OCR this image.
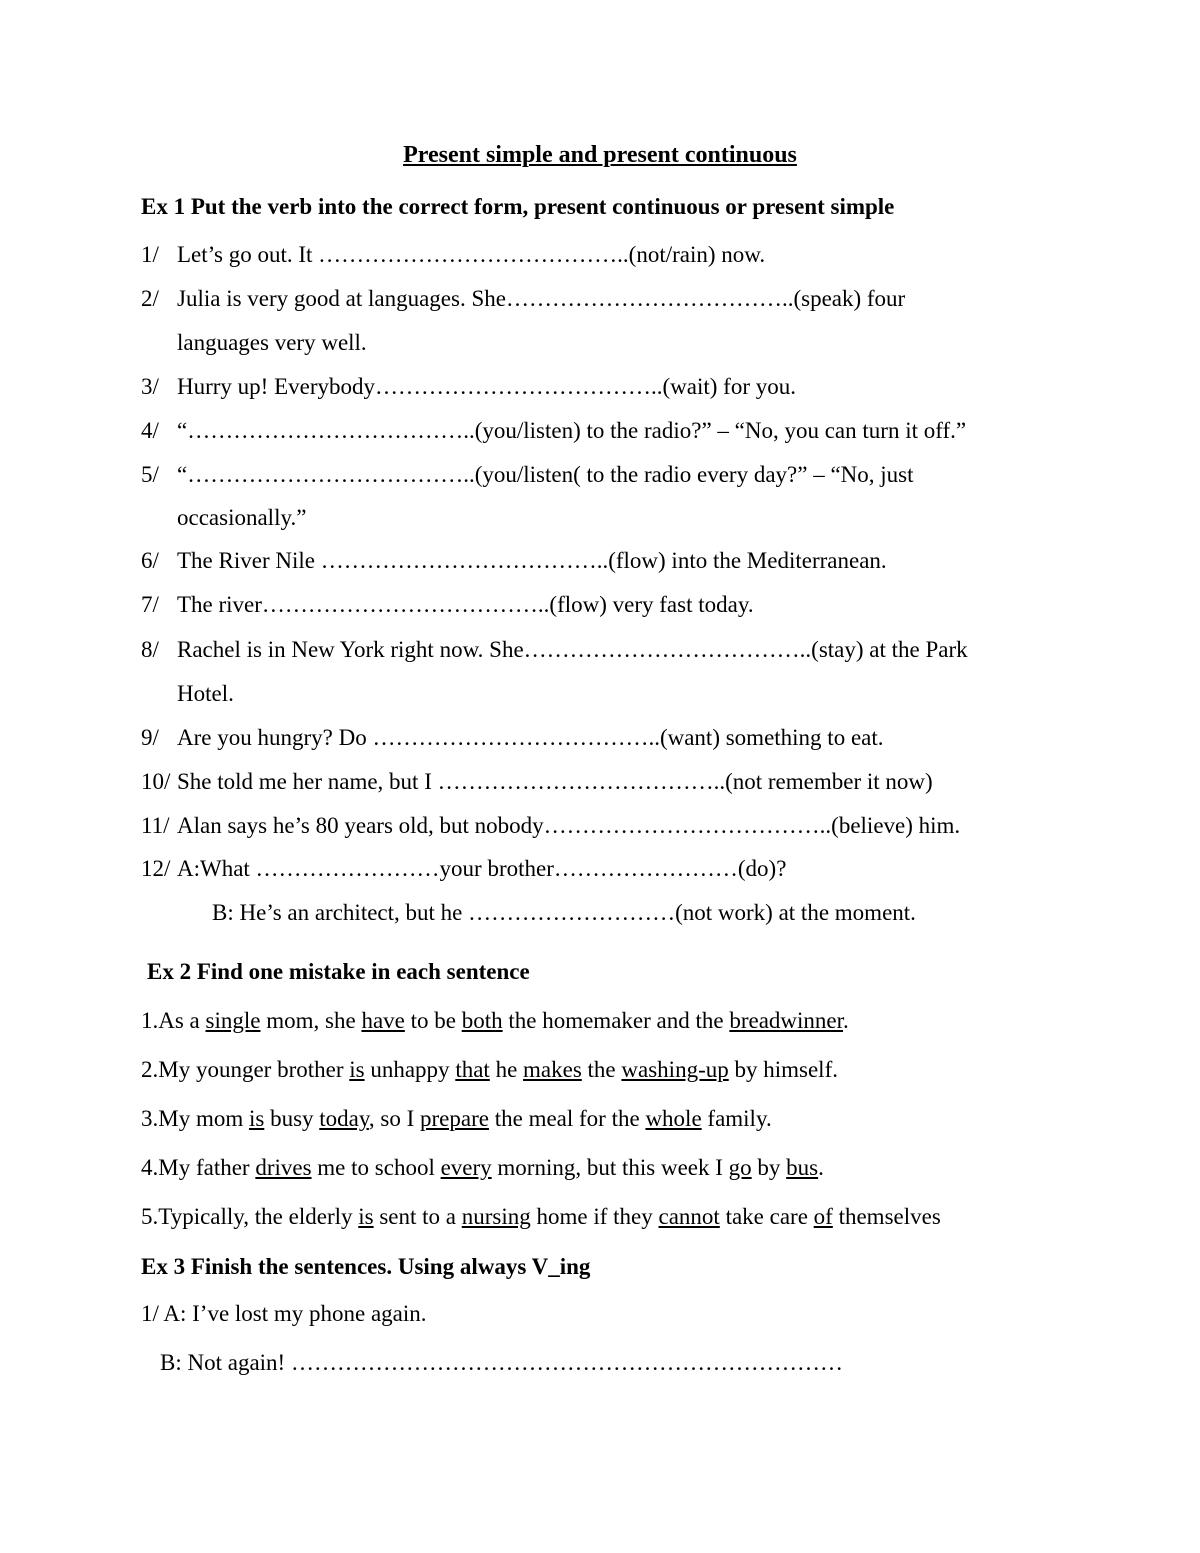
Present simple and present continuous
Ex 1 Put the verb into the correct form, present continuous or present simple
1/ Let’s go out. It …………………………………..(not/rain) now.
2/ Julia is very good at languages. She………………………………..(speak) four
languages very well.
3/ Hurry up! Everybody………………………………..(wait) for you.
4/ “………………………………..(you/listen) to the radio?” – “No, you can turn it off.”
5/ “………………………………..(you/listen( to the radio every day?” – “No, just
occasionally.”
6/ The River Nile ………………………………..(flow) into the Mediterranean.
7/ The river………………………………..(flow) very fast today.
8/ Rachel is in New York right now. She………………………………..(stay) at the Park
Hotel.
9/ Are you hungry? Do ………………………………..(want) something to eat.
10/ She told me her name, but I ………………………………..(not remember it now)
11/ Alan says he’s 80 years old, but nobody………………………………..(believe) him.
12/ A:What ……………………your brother……………………(do)?
B: He’s an architect, but he ………………………(not work) at the moment.
Ex 2 Find one mistake in each sentence
1.As a single mom, she have to be both the homemaker and the breadwinner.
2.My younger brother is unhappy that he makes the washing-up by himself.
3.My mom is busy today, so I prepare the meal for the whole family.
4.My father drives me to school every morning, but this week I go by bus.
5.Typically, the elderly is sent to a nursing home if they cannot take care of themselves
Ex 3 Finish the sentences. Using always V_ing
1/ A: I’ve lost my phone again.
B: Not again! ………………………………………………………………
